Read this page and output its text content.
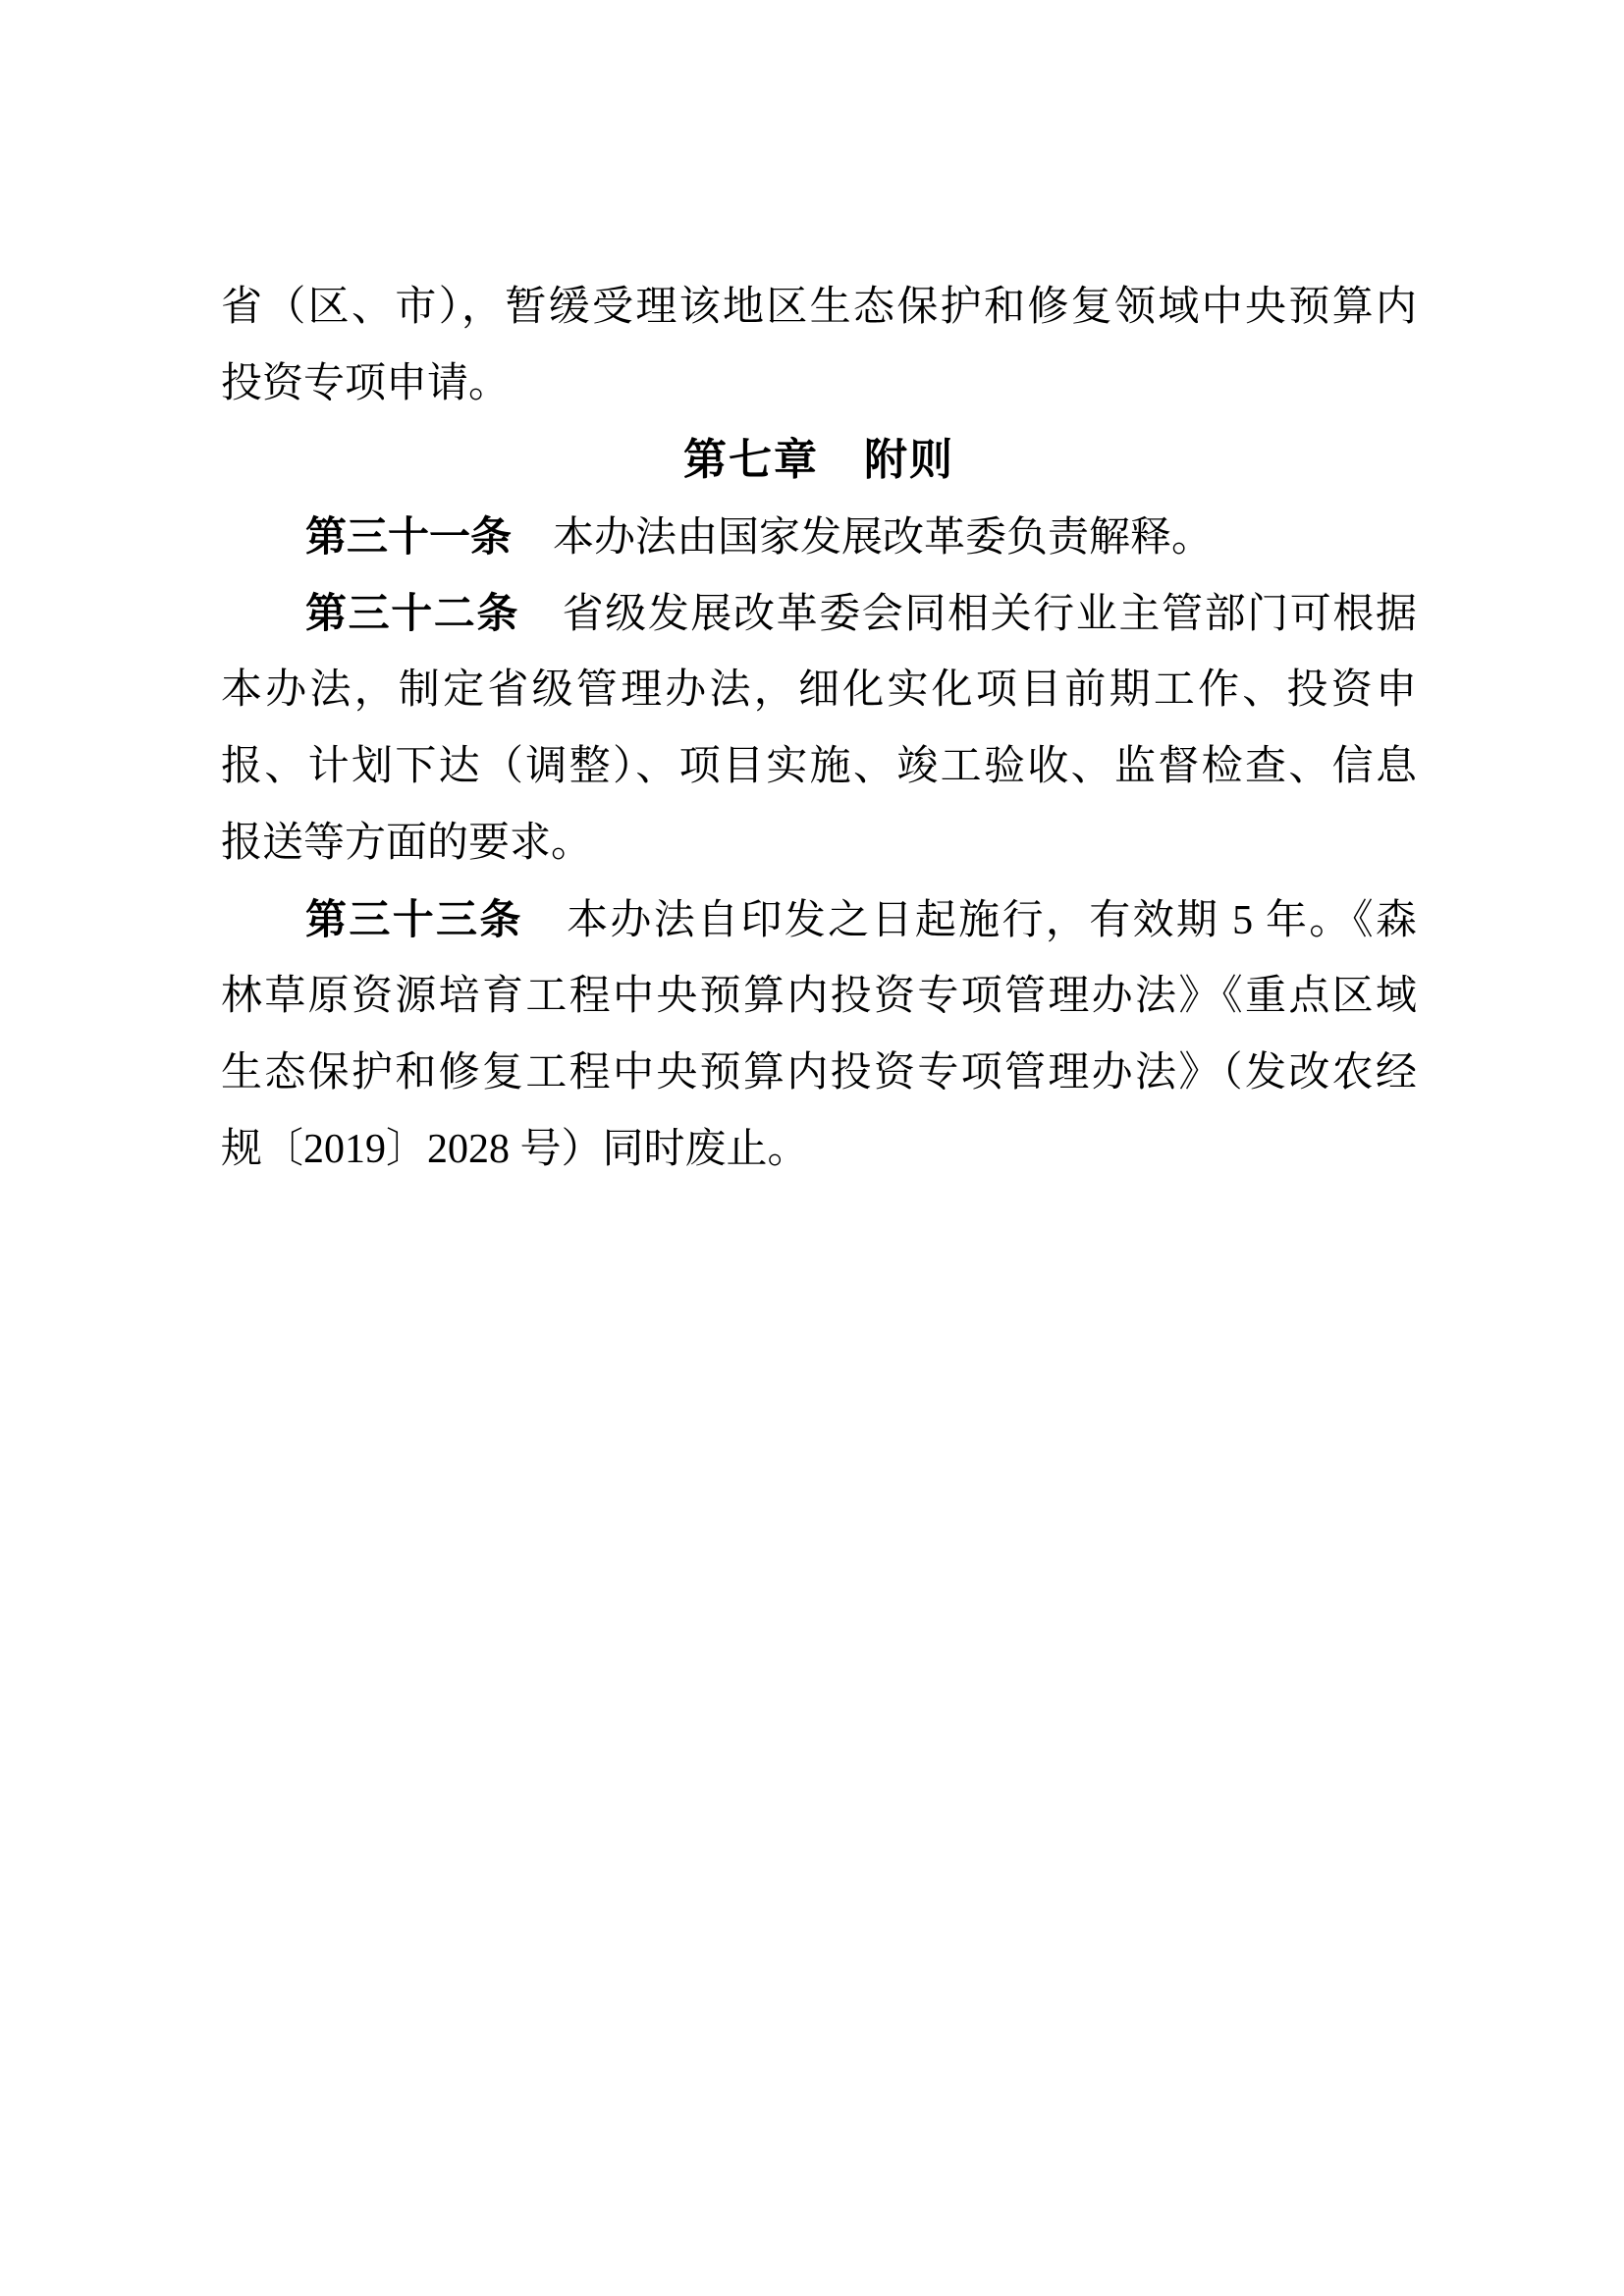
省（区、市），暂缓受理该地区生态保护和修复领域中央预算内
投资专项申请。
第七章　附则
第三十一条　本办法由国家发展改革委负责解释。
第三十二条　省级发展改革委会同相关行业主管部门可根据
本办法，制定省级管理办法，细化实化项目前期工作、投资申
报、计划下达（调整）、项目实施、竣工验收、监督检查、信息
报送等方面的要求。
第三十三条　本办法自印发之日起施行，有效期 5 年。《森
林草原资源培育工程中央预算内投资专项管理办法》《重点区域
生态保护和修复工程中央预算内投资专项管理办法》（发改农经
规〔2019〕2028 号）同时废止。
